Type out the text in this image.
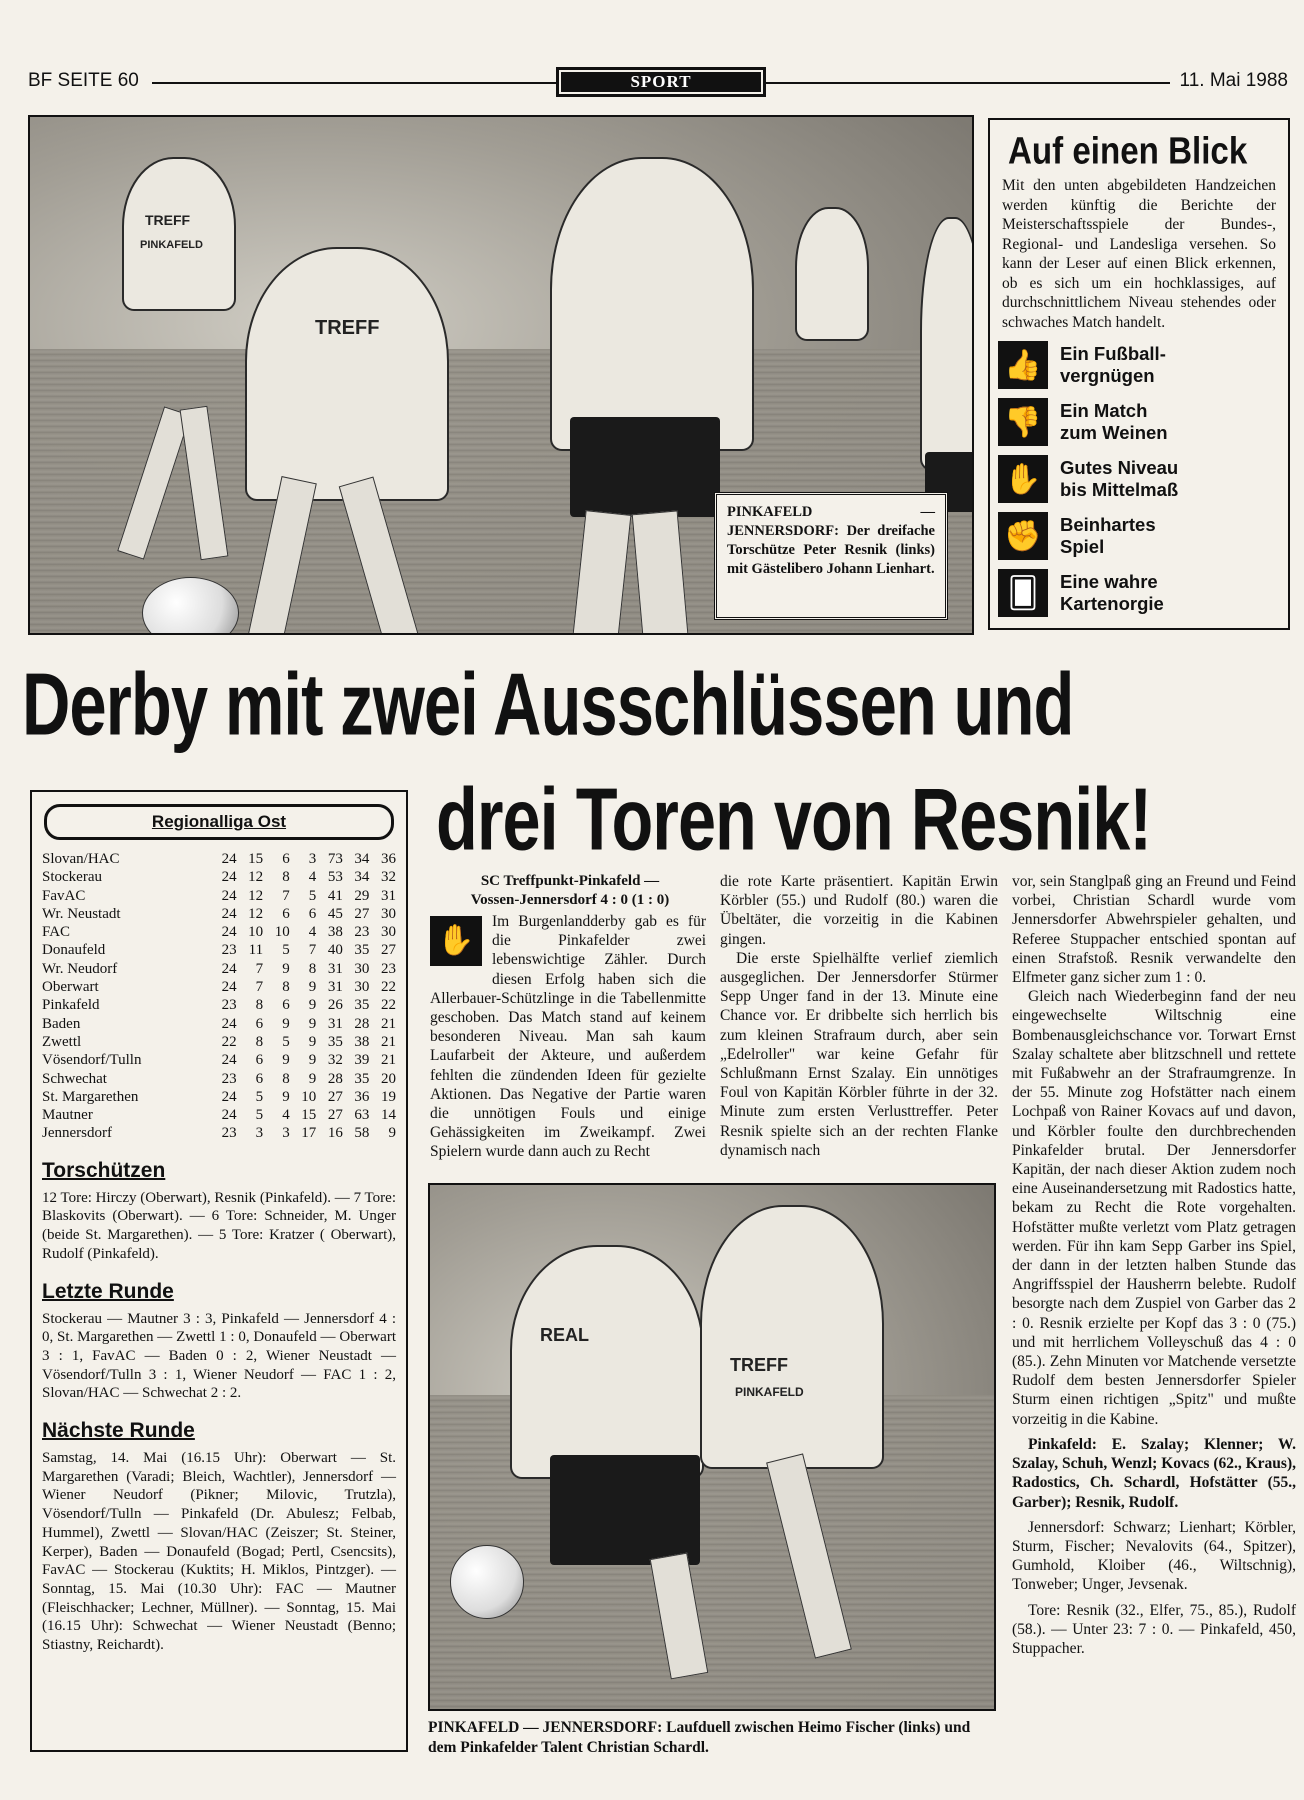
BF SEITE 60	SPORT	11. Mai 1988
TREFF
PINKAFELD
TREFF
PINKAFELD — JENNERSDORF: Der dreifache Torschütze Peter Resnik (links) mit Gästelibero Johann Lienhart.
Auf einen Blick
Mit den unten abgebildeten Handzeichen werden künftig die Berichte der Meisterschaftsspiele der Bundes-, Regional- und Landesliga versehen. So kann der Leser auf einen Blick erkennen, ob es sich um ein hochklassiges, auf durchschnittlichem Niveau stehendes oder schwaches Match handelt.
👍 Ein Fußball-
vergnügen
👎 Ein Match
zum Weinen
✋ Gutes Niveau
bis Mittelmaß
✊ Beinhartes
Spiel
🂠	Eine wahre
Kartenorgie
Derby mit zwei Ausschlüssen und
drei Toren von Resnik!
Regionalliga Ost
Slovan/HAC	24	15	6	3	73	34	36
Stockerau	24	12	8	4	53	34	32
FavAC	24	12	7	5	41	29	31
Wr. Neustadt	24	12	6	6	45	27	30
FAC	24	10	10	4	38	23	30
Donaufeld	23	11	5	7	40	35	27
Wr. Neudorf	24	7	9	8	31	30	23
Oberwart	24	7	8	9	31	30	22
Pinkafeld	23	8	6	9	26	35	22
Baden	24	6	9	9	31	28	21
Zwettl	22	8	5	9	35	38	21
Vösendorf/Tulln	24	6	9	9	32	39	21
Schwechat	23	6	8	9	28	35	20
St. Margarethen	24	5	9	10	27	36	19
Mautner	24	5	4	15	27	63	14
Jennersdorf	23	3	3	17	16	58	9
Torschützen
12 Tore: Hirczy (Oberwart), Resnik (Pinkafeld). — 7 Tore: Blaskovits (Oberwart). — 6 Tore: Schneider, M. Unger (beide St. Margarethen). — 5 Tore: Kratzer ( Oberwart), Rudolf (Pinkafeld).
Letzte Runde
Stockerau — Mautner 3 : 3, Pinkafeld — Jennersdorf 4 : 0, St. Margarethen — Zwettl 1 : 0, Donaufeld — Oberwart 3 : 1, FavAC — Baden 0 : 2, Wiener Neustadt — Vösendorf/Tulln 3 : 1, Wiener Neudorf — FAC 1 : 2, Slovan/HAC — Schwechat 2 : 2.
Nächste Runde
Samstag, 14. Mai (16.15 Uhr): Oberwart — St. Margarethen (Varadi; Bleich, Wachtler), Jennersdorf — Wiener Neudorf (Pikner; Milovic, Trutzla), Vösendorf/Tulln — Pinkafeld (Dr. Abulesz; Felbab, Hummel), Zwettl — Slovan/HAC (Zeiszer; St. Steiner, Kerper), Baden — Donaufeld (Bogad; Pertl, Csencsits), FavAC — Stockerau (Kuktits; H. Miklos, Pintzger). — Sonntag, 15. Mai (10.30 Uhr): FAC — Mautner (Fleischhacker; Lechner, Müllner). — Sonntag, 15. Mai (16.15 Uhr): Schwechat — Wiener Neustadt (Benno; Stiastny, Reichardt).
SC Treffpunkt-Pinkafeld —
Vossen-Jennersdorf 4 : 0 (1 : 0)
✋
Im Burgenlandderby gab es für die Pinkafelder zwei lebenswichtige Zähler. Durch diesen Erfolg haben sich die Allerbauer-Schützlinge in die Tabellenmitte geschoben. Das Match stand auf keinem besonderen Niveau. Man sah kaum Laufarbeit der Akteure, und außerdem fehlten die zündenden Ideen für gezielte Aktionen. Das Negative der Partie waren die unnötigen Fouls und einige Gehässigkeiten im Zweikampf. Zwei Spielern wurde dann auch zu Recht
die rote Karte präsentiert. Kapitän Erwin Körbler (55.) und Rudolf (80.) waren die Übeltäter, die vorzeitig in die Kabinen gingen.
Die erste Spielhälfte verlief ziemlich ausgeglichen. Der Jennersdorfer Stürmer Sepp Unger fand in der 13. Minute eine Chance vor. Er dribbelte sich herrlich bis zum kleinen Strafraum durch, aber sein „Edelroller" war keine Gefahr für Schlußmann Ernst Szalay. Ein unnötiges Foul von Kapitän Körbler führte in der 32. Minute zum ersten Verlusttreffer. Peter Resnik spielte sich an der rechten Flanke dynamisch nach
vor, sein Stanglpaß ging an Freund und Feind vorbei, Christian Schardl wurde vom Jennersdorfer Abwehrspieler gehalten, und Referee Stuppacher entschied spontan auf einen Strafstoß. Resnik verwandelte den Elfmeter ganz sicher zum 1 : 0.
Gleich nach Wiederbeginn fand der neu eingewechselte Wiltschnig eine Bombenausgleichschance vor. Torwart Ernst Szalay schaltete aber blitzschnell und rettete mit Fußabwehr an der Strafraumgrenze. In der 55. Minute zog Hofstätter nach einem Lochpaß von Rainer Kovacs auf und davon, und Körbler foulte den durchbrechenden Pinkafelder brutal. Der Jennersdorfer Kapitän, der nach dieser Aktion zudem noch eine Auseinandersetzung mit Radostics hatte, bekam zu Recht die Rote vorgehalten. Hofstätter mußte verletzt vom Platz getragen werden. Für ihn kam Sepp Garber ins Spiel, der dann in der letzten halben Stunde das Angriffsspiel der Hausherrn belebte. Rudolf besorgte nach dem Zuspiel von Garber das 2 : 0. Resnik erzielte per Kopf das 3 : 0 (75.) und mit herrlichem Volleyschuß das 4 : 0 (85.). Zehn Minuten vor Matchende versetzte Rudolf dem besten Jennersdorfer Spieler Sturm einen richtigen „Spitz" und mußte vorzeitig in die Kabine.
Pinkafeld: E. Szalay; Klenner; W. Szalay, Schuh, Wenzl; Kovacs (62., Kraus), Radostics, Ch. Schardl, Hofstätter (55., Garber); Resnik, Rudolf.
Jennersdorf: Schwarz; Lienhart; Körbler, Sturm, Fischer; Nevalovits (64., Spitzer), Gumhold, Kloiber (46., Wiltschnig), Tonweber; Unger, Jevsenak.
Tore: Resnik (32., Elfer, 75., 85.), Rudolf (58.). — Unter 23: 7 : 0. — Pinkafeld, 450, Stuppacher.
REAL
TREFF
PINKAFELD
PINKAFELD — JENNERSDORF: Laufduell zwischen Heimo Fischer (links) und dem Pinkafelder Talent Christian Schardl.
